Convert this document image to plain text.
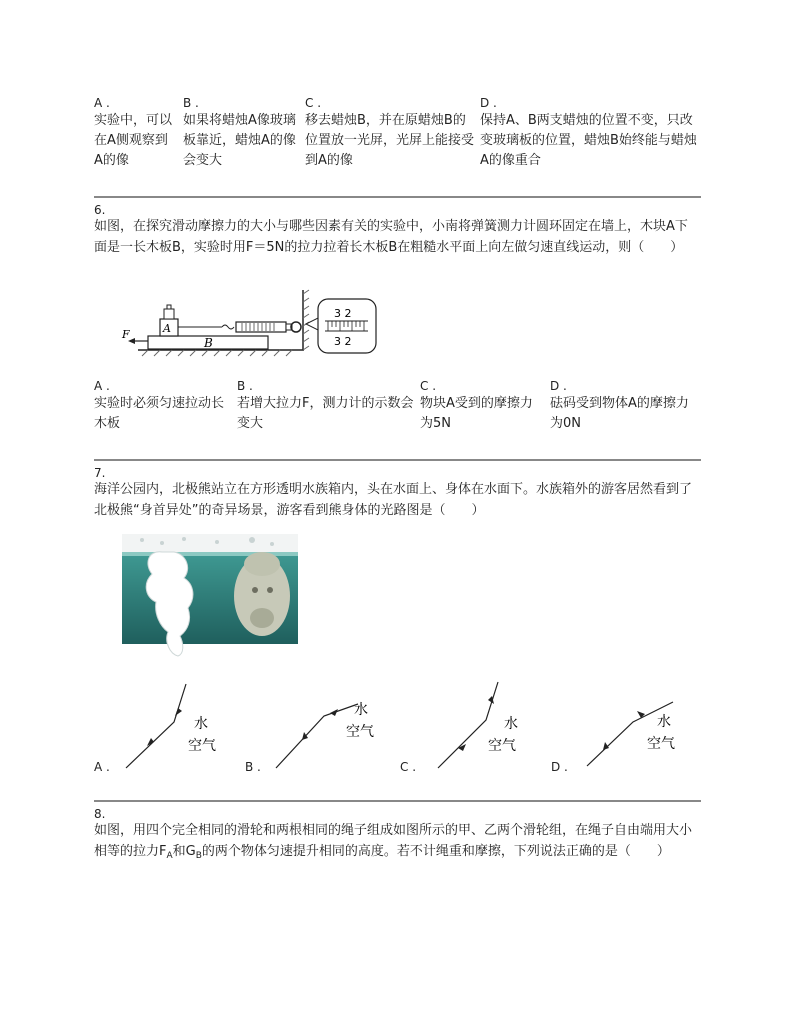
A .
实验中，可以在A侧观察到A的像
B .
如果将蜡烛A像玻璃板靠近，蜡烛A的像会变大
C .
移去蜡烛B，并在原蜡烛B的位置放一光屏，光屏上能接受到A的像
D .
保持A、B两支蜡烛的位置不变，只改变玻璃板的位置，蜡烛B始终能与蜡烛A的像重合
6.
如图，在探究滑动摩擦力的大小与哪些因素有关的实验中，小南将弹簧测力计圆环固定在墙上，木块A下面是一长木板B，实验时用F＝5N的拉力拉着长木板B在粗糙水平面上向左做匀速直线运动，则（　　）
B
A
F
3 2
3 2
A .
实验时必须匀速拉动长木板
B .
若增大拉力F，测力计的示数会变大
C .
物块A受到的摩擦力为5N
D .
砝码受到物体A的摩擦力为0N
7.
海洋公园内，北极熊站立在方形透明水族箱内，头在水面上、身体在水面下。水族箱外的游客居然看到了北极熊“身首异处”的奇异场景，游客看到熊身体的光路图是（　　）
水
空气
A .
水
空气
B .
水
空气
C .
水
空气
D .
8.
如图，用四个完全相同的滑轮和两根相同的绳子组成如图所示的甲、乙两个滑轮组，在绳子自由端用大小相等的拉力$F_A$和$G_B$的两个物体匀速提升相同的高度。若不计绳重和摩擦，下列说法正确的是（　　）
